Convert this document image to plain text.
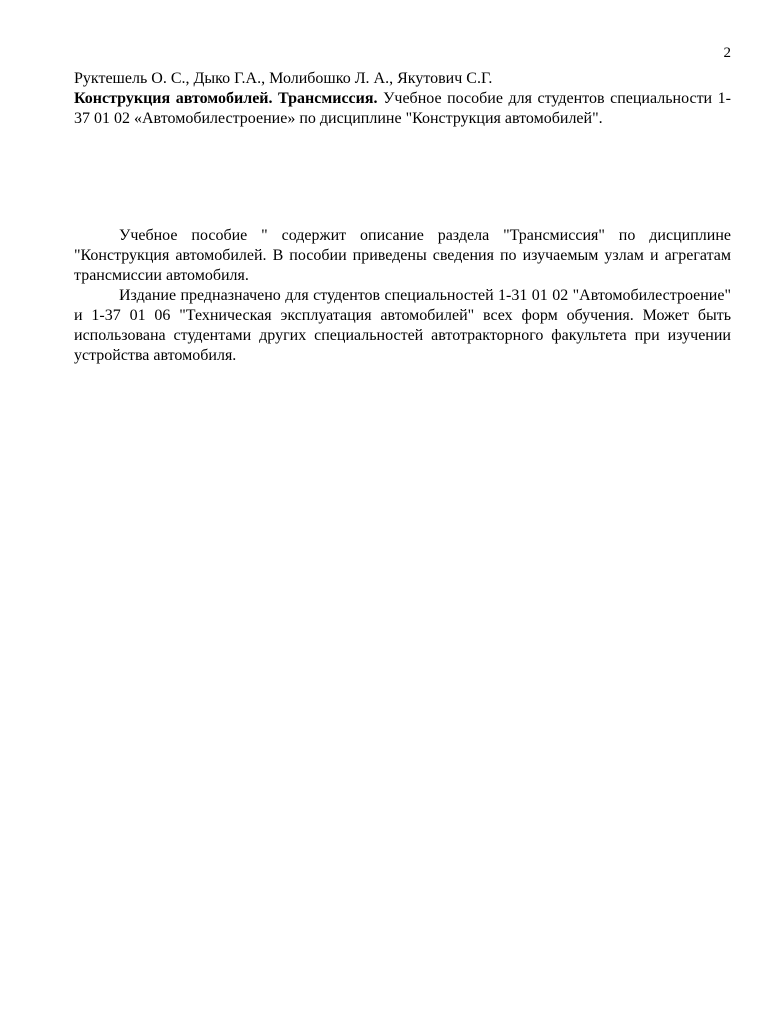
2

Руктешель О. С., Дыко Г.А., Молибошко Л. А., Якутович С.Г.

Конструкция автомобилей. Трансмиссия. Учебное пособие для студентов специальности 1-37 01 02 «Автомобилестроение» по дисциплине "Конструкция автомобилей".

Учебное пособие " содержит описание раздела "Трансмиссия" по дисциплине "Конструкция автомобилей. В пособии приведены сведения по изучаемым узлам и агрегатам трансмиссии автомобиля.

Издание предназначено для студентов специальностей 1-31 01 02 "Автомобилестроение" и 1-37 01 06 "Техническая эксплуатация автомобилей" всех форм обучения. Может быть использована студентами других специальностей автотракторного факультета при изучении устройства автомобиля.
